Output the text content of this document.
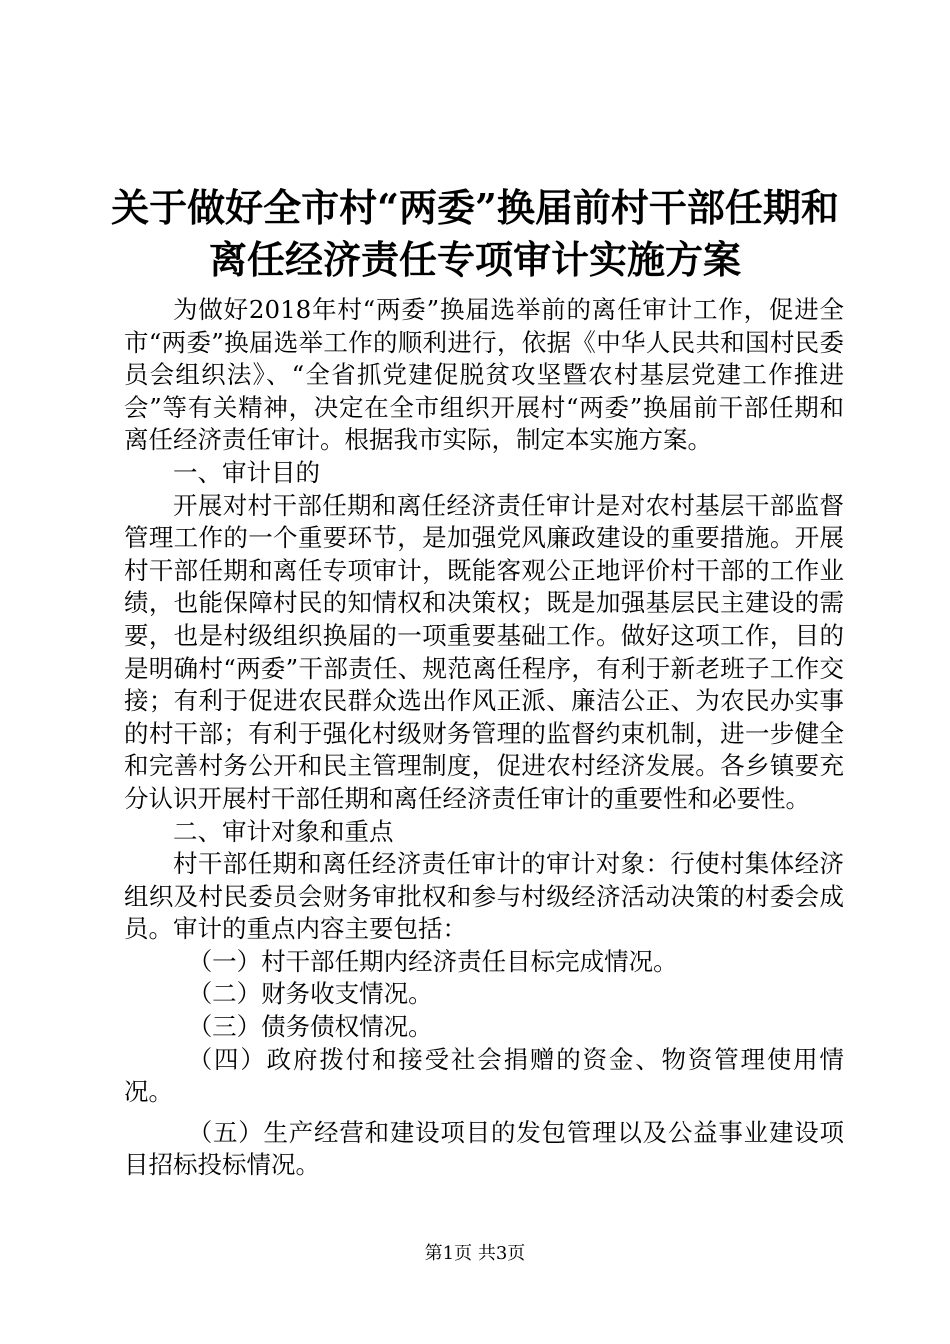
关于做好全市村“两委”换届前村干部任期和
离任经济责任专项审计实施方案

为做好2018年村“两委”换届选举前的离任审计工作，促进全市“两委”换届选举工作的顺利进行，依据《中华人民共和国村民委员会组织法》、“全省抓党建促脱贫攻坚暨农村基层党建工作推进会”等有关精神，决定在全市组织开展村“两委”换届前干部任期和离任经济责任审计。根据我市实际，制定本实施方案。

一、审计目的

开展对村干部任期和离任经济责任审计是对农村基层干部监督管理工作的一个重要环节，是加强党风廉政建设的重要措施。开展村干部任期和离任专项审计，既能客观公正地评价村干部的工作业绩，也能保障村民的知情权和决策权；既是加强基层民主建设的需要，也是村级组织换届的一项重要基础工作。做好这项工作，目的是明确村“两委”干部责任、规范离任程序，有利于新老班子工作交接；有利于促进农民群众选出作风正派、廉洁公正、为农民办实事的村干部；有利于强化村级财务管理的监督约束机制，进一步健全和完善村务公开和民主管理制度，促进农村经济发展。各乡镇要充分认识开展村干部任期和离任经济责任审计的重要性和必要性。

二、审计对象和重点

村干部任期和离任经济责任审计的审计对象：行使村集体经济组织及村民委员会财务审批权和参与村级经济活动决策的村委会成员。审计的重点内容主要包括：

（一）村干部任期内经济责任目标完成情况。

（二）财务收支情况。

（三）债务债权情况。

（四）政府拨付和接受社会捐赠的资金、物资管理使用情况。

（五）生产经营和建设项目的发包管理以及公益事业建设项目招标投标情况。

第1页 共3页
